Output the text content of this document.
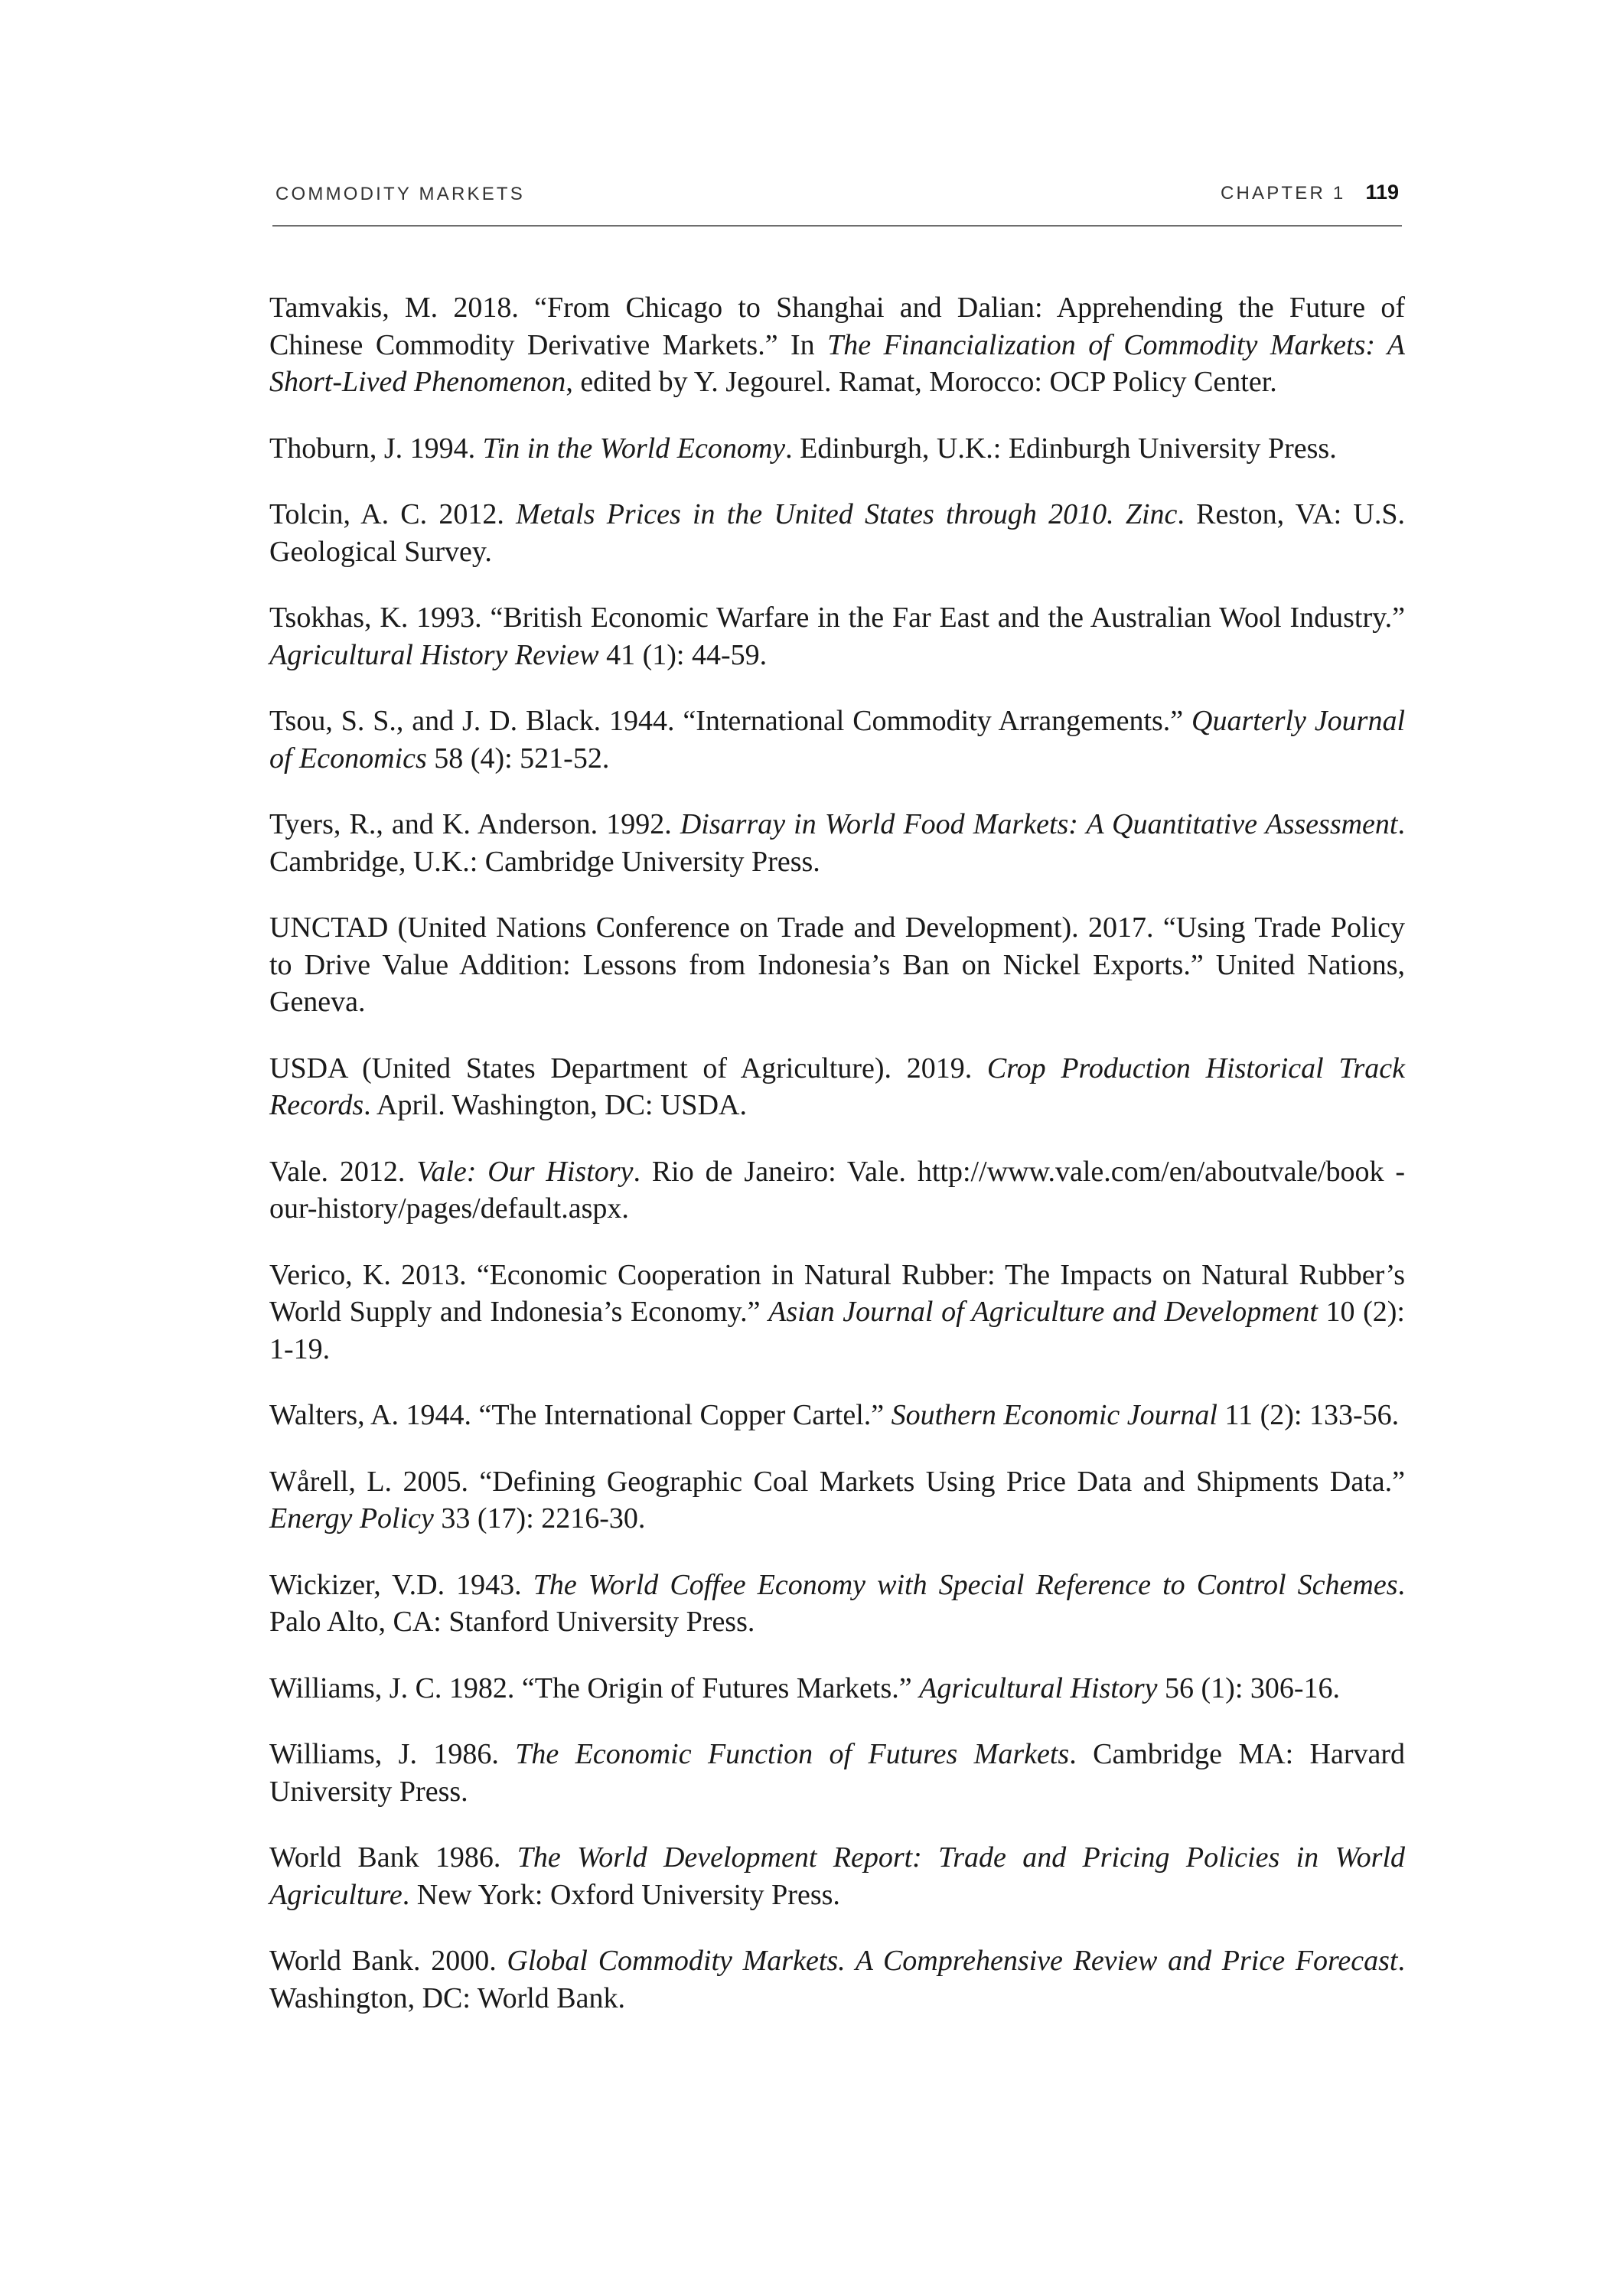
COMMODITY MARKETS	CHAPTER 1 119

Tamvakis, M. 2018. “From Chicago to Shanghai and Dalian: Apprehending the Future of Chinese Commodity Derivative Markets.” In The Financialization of Commodity Markets: A Short-Lived Phenomenon, edited by Y. Jegourel. Ramat, Morocco: OCP Policy Center.

Thoburn, J. 1994. Tin in the World Economy. Edinburgh, U.K.: Edinburgh University Press.

Tolcin, A. C. 2012. Metals Prices in the United States through 2010. Zinc. Reston, VA: U.S. Geological Survey.

Tsokhas, K. 1993. “British Economic Warfare in the Far East and the Australian Wool Industry.” Agricultural History Review 41 (1): 44-59.

Tsou, S. S., and J. D. Black. 1944. “International Commodity Arrangements.” Quarterly Journal of Economics 58 (4): 521-52.

Tyers, R., and K. Anderson. 1992. Disarray in World Food Markets: A Quantitative Assessment. Cambridge, U.K.: Cambridge University Press.

UNCTAD (United Nations Conference on Trade and Development). 2017. “Using Trade Policy to Drive Value Addition: Lessons from Indonesia’s Ban on Nickel Exports.” United Nations, Geneva.

USDA (United States Department of Agriculture). 2019. Crop Production Historical Track Records. April. Washington, DC: USDA.

Vale. 2012. Vale: Our History. Rio de Janeiro: Vale. http://www.vale.com/en/aboutvale/book -our-history/pages/default.aspx.

Verico, K. 2013. “Economic Cooperation in Natural Rubber: The Impacts on Natural Rubber’s World Supply and Indonesia’s Economy.” Asian Journal of Agriculture and Development 10 (2): 1-19.

Walters, A. 1944. “The International Copper Cartel.” Southern Economic Journal 11 (2): 133-56.

Wårell, L. 2005. “Defining Geographic Coal Markets Using Price Data and Shipments Data.” Energy Policy 33 (17): 2216-30.

Wickizer, V.D. 1943. The World Coffee Economy with Special Reference to Control Schemes. Palo Alto, CA: Stanford University Press.

Williams, J. C. 1982. “The Origin of Futures Markets.” Agricultural History 56 (1): 306-16.

Williams, J. 1986. The Economic Function of Futures Markets. Cambridge MA: Harvard University Press.

World Bank 1986. The World Development Report: Trade and Pricing Policies in World Agriculture. New York: Oxford University Press.

World Bank. 2000. Global Commodity Markets. A Comprehensive Review and Price Forecast. Washington, DC: World Bank.
